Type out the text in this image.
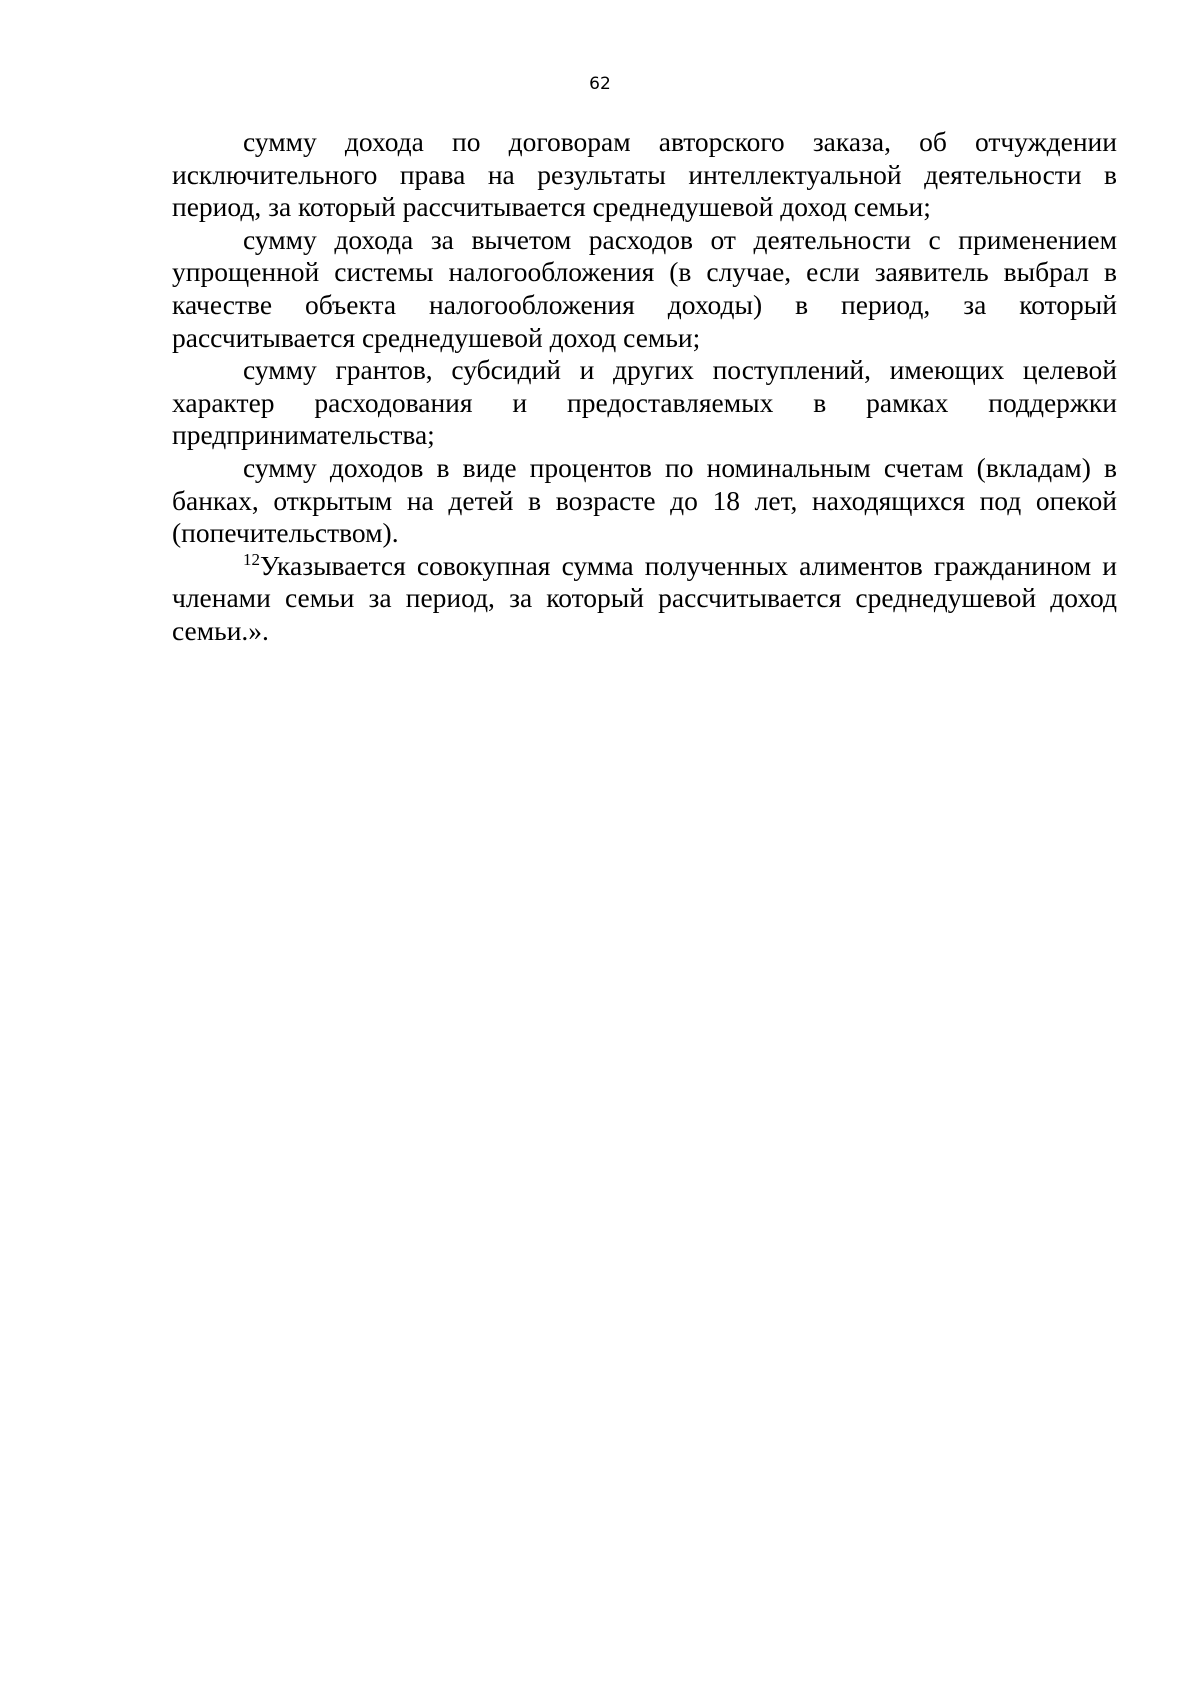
62

сумму дохода по договорам авторского заказа, об отчуждении исключительного права на результаты интеллектуальной деятельности в период, за который рассчитывается среднедушевой доход семьи;

сумму дохода за вычетом расходов от деятельности с применением упрощенной системы налогообложения (в случае, если заявитель выбрал в качестве объекта налогообложения доходы) в период, за который рассчитывается среднедушевой доход семьи;

сумму грантов, субсидий и других поступлений, имеющих целевой характер расходования и предоставляемых в рамках поддержки предпринимательства;

сумму доходов в виде процентов по номинальным счетам (вкладам) в банках, открытым на детей в возрасте до 18 лет, находящихся под опекой (попечительством).

$^{12}$Указывается совокупная сумма полученных алиментов гражданином и членами семьи за период, за который рассчитывается среднедушевой доход семьи.».
